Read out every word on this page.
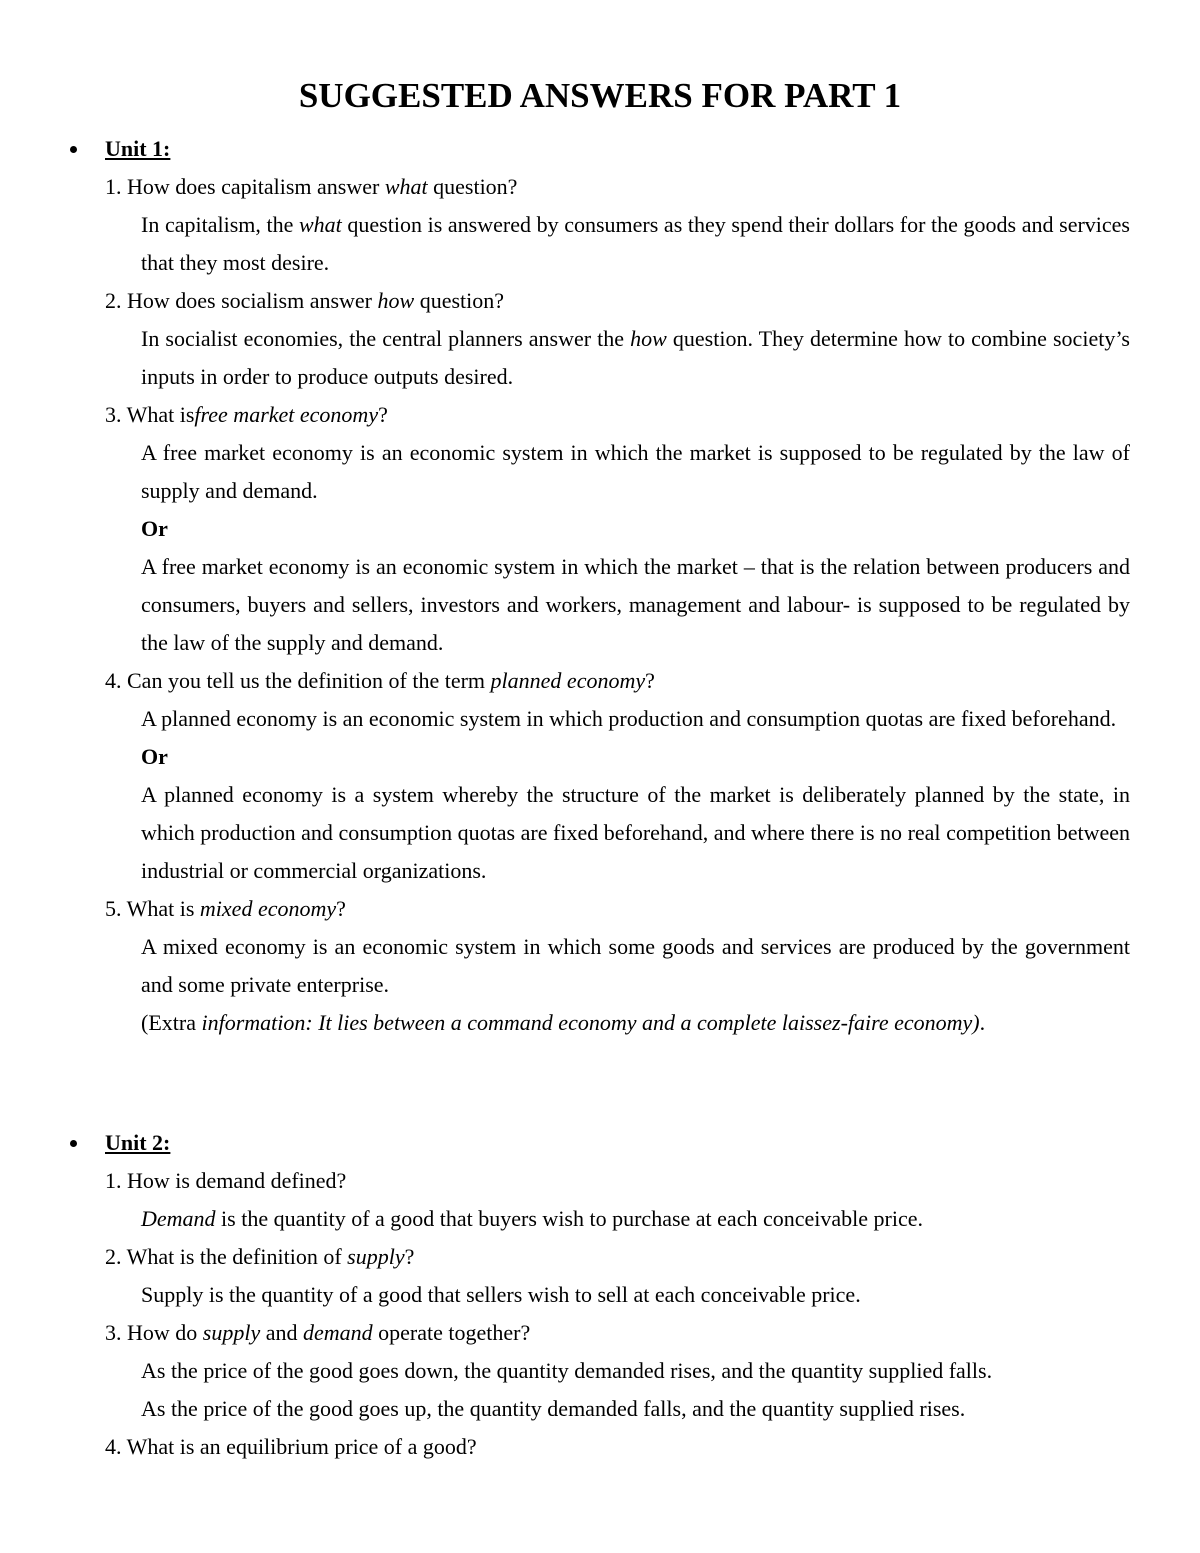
SUGGESTED ANSWERS FOR PART 1
Unit 1:
1. How does capitalism answer what question?
In capitalism, the what question is answered by consumers as they spend their dollars for the goods and services that they most desire.
2. How does socialism answer how question?
In socialist economies, the central planners answer the how question. They determine how to combine society’s inputs in order to produce outputs desired.
3. What isfree market economy?
A free market economy is an economic system in which the market is supposed to be regulated by the law of supply and demand.
Or
A free market economy is an economic system in which the market – that is the relation between producers and consumers, buyers and sellers, investors and workers, management and labour- is supposed to be regulated by the law of the supply and demand.
4. Can you tell us the definition of the term planned economy?
A planned economy is an economic system in which production and consumption quotas are fixed beforehand.
Or
A planned economy is a system whereby the structure of the market is deliberately planned by the state, in which production and consumption quotas are fixed beforehand, and where there is no real competition between industrial or commercial organizations.
5. What is mixed economy?
A mixed economy is an economic system in which some goods and services are produced by the government and some private enterprise.
(Extra information: It lies between a command economy and a complete laissez-faire economy).
Unit 2:
1. How is demand defined?
Demand is the quantity of a good that buyers wish to purchase at each conceivable price.
2. What is the definition of supply?
Supply is the quantity of a good that sellers wish to sell at each conceivable price.
3. How do supply and demand operate together?
As the price of the good goes down, the quantity demanded rises, and the quantity supplied falls.
As the price of the good goes up, the quantity demanded falls, and the quantity supplied rises.
4. What is an equilibrium price of a good?
